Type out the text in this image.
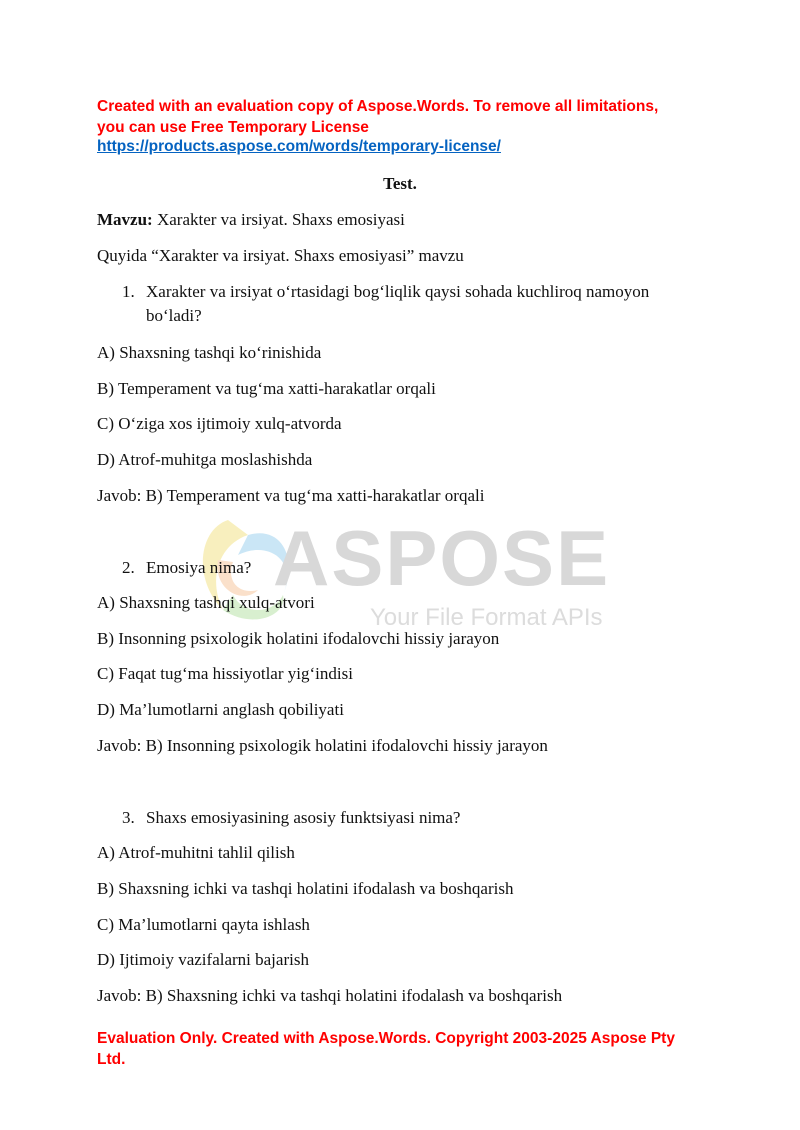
ASPOSE
Your File Format APIs

Created with an evaluation copy of Aspose.Words. To remove all limitations,

you can use Free Temporary License

https://products.aspose.com/words/temporary-license/
Test.
Mavzu: Xarakter va irsiyat. Shaxs emosiyasi
Quyida “Xarakter va irsiyat. Shaxs emosiyasi” mavzu
1. Xarakter va irsiyat o‘rtasidagi bog‘liqlik qaysi sohada kuchliroq namoyon
bo‘ladi?
A) Shaxsning tashqi ko‘rinishida
B) Temperament va tug‘ma xatti-harakatlar orqali
C) O‘ziga xos ijtimoiy xulq-atvorda
D) Atrof-muhitga moslashishda
Javob: B) Temperament va tug‘ma xatti-harakatlar orqali
2. Emosiya nima?
A) Shaxsning tashqi xulq-atvori
B) Insonning psixologik holatini ifodalovchi hissiy jarayon
C) Faqat tug‘ma hissiyotlar yig‘indisi
D) Ma’lumotlarni anglash qobiliyati
Javob: B) Insonning psixologik holatini ifodalovchi hissiy jarayon
3. Shaxs emosiyasining asosiy funktsiyasi nima?
A) Atrof-muhitni tahlil qilish
B) Shaxsning ichki va tashqi holatini ifodalash va boshqarish
C) Ma’lumotlarni qayta ishlash
D) Ijtimoiy vazifalarni bajarish
Javob: B) Shaxsning ichki va tashqi holatini ifodalash va boshqarish

Evaluation Only. Created with Aspose.Words. Copyright 2003-2025 Aspose Pty

Ltd.
